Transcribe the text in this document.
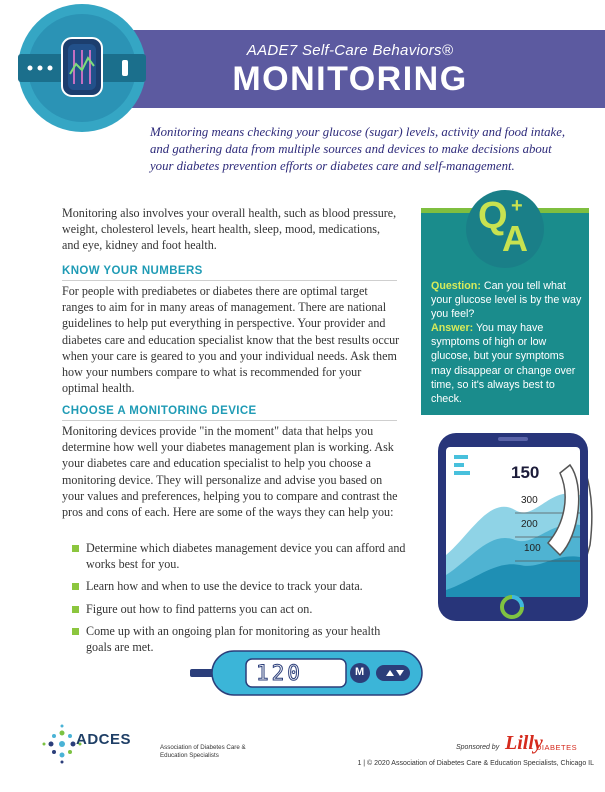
AADE7 Self-Care Behaviors®
MONITORING

Monitoring means checking your glucose (sugar) levels, activity and food intake, and gathering data from multiple sources and devices to make decisions about your diabetes prevention efforts or diabetes care and self-management.

Monitoring also involves your overall health, such as blood pressure, weight, cholesterol levels, heart health, sleep, mood, medications, and eye, kidney and foot health.

KNOW YOUR NUMBERS

For people with prediabetes or diabetes there are optimal target ranges to aim for in many areas of management. There are national guidelines to help put everything in perspective. Your provider and diabetes care and education specialist know that the best results occur when your care is geared to you and your individual needs. Ask them how your numbers compare to what is recommended for your optimal health.

CHOOSE A MONITORING DEVICE

Monitoring devices provide "in the moment" data that helps you determine how well your diabetes management plan is working. Ask your diabetes care and education specialist to help you choose a monitoring device. They will personalize and advise you based on your values and preferences, helping you to compare and contrast the pros and cons of each. Here are some of the ways they can help you:

Determine which diabetes management device you can afford and works best for you.
Learn how and when to use the device to track your data.
Figure out how to find patterns you can act on.
Come up with an ongoing plan for monitoring as your health goals are met.

Question: Can you tell what your glucose level is by the way you feel?

Answer: You may have symptoms of high or low glucose, but your symptoms may disappear or change over time, so it's always best to check.

Q +
A
150
300
200
100
120	M
ADCES	Association of Diabetes Care & Education Specialists

Sponsored by Lilly
DIABETES
1 | © 2020 Association of Diabetes Care & Education Specialists, Chicago IL
